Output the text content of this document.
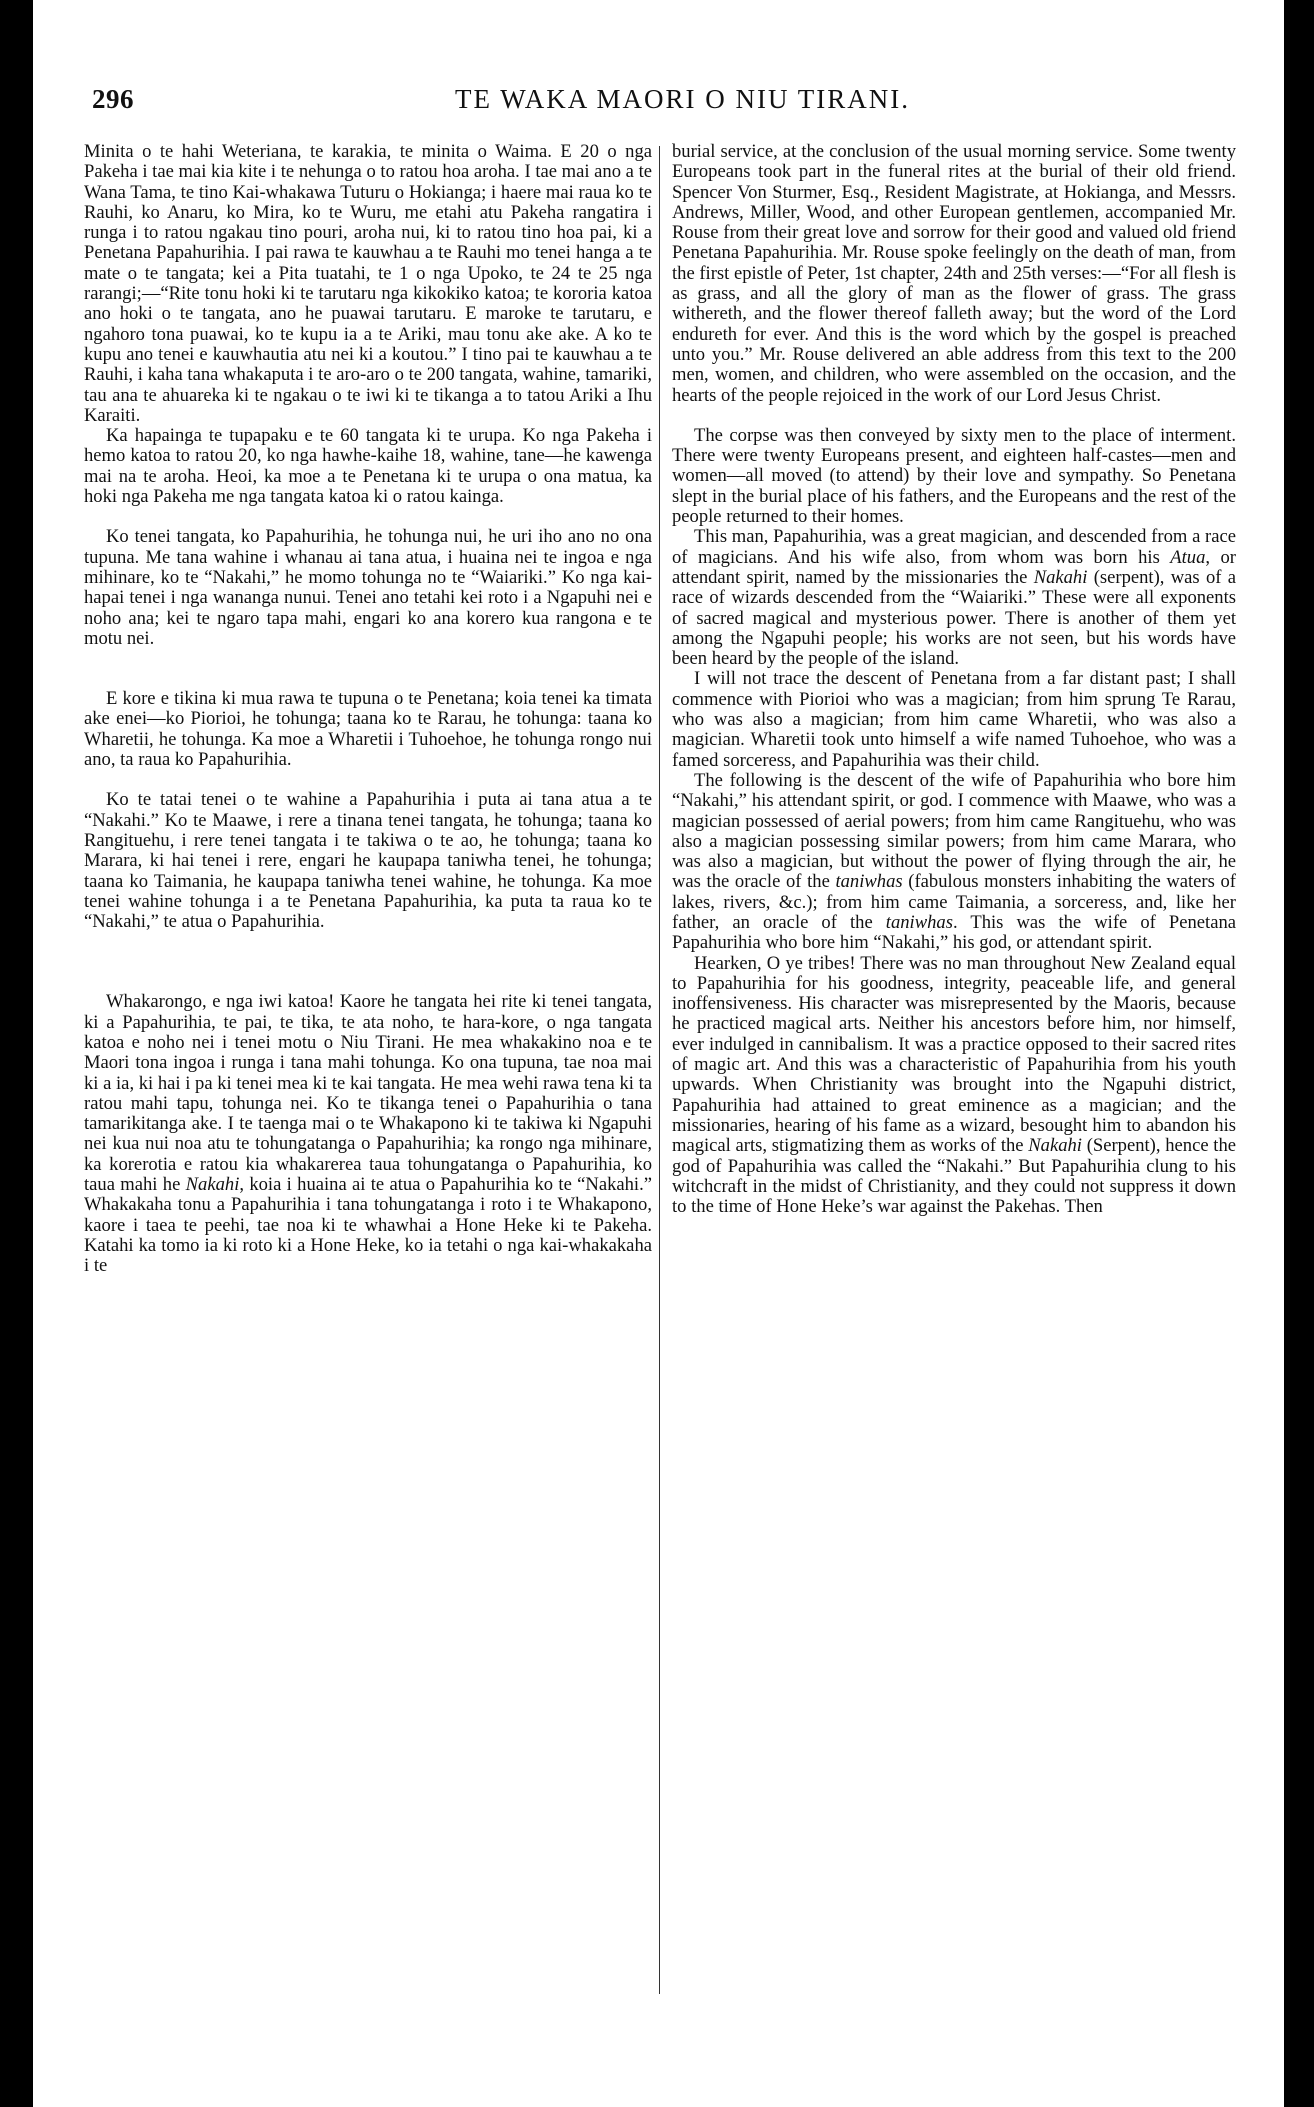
296	TE WAKA MAORI O NIU TIRANI.

Minita o te hahi Weteriana, te karakia, te minita o Waima. E 20 o nga Pakeha i tae mai kia kite i te nehunga o to ratou hoa aroha. I tae mai ano a te Wana Tama, te tino Kai-whakawa Tuturu o Hokianga; i haere mai raua ko te Rauhi, ko Anaru, ko Mira, ko te Wuru, me etahi atu Pakeha rangatira i runga i to ratou ngakau tino pouri, aroha nui, ki to ratou tino hoa pai, ki a Penetana Papahurihia. I pai rawa te kauwhau a te Rauhi mo tenei hanga a te mate o te tangata; kei a Pita tuatahi, te 1 o nga Upoko, te 24 te 25 nga rarangi;—“Rite tonu hoki ki te tarutaru nga kikokiko katoa; te kororia katoa ano hoki o te tangata, ano he puawai tarutaru. E maroke te tarutaru, e ngahoro tona puawai, ko te kupu ia a te Ariki, mau tonu ake ake. A ko te kupu ano tenei e kauwhautia atu nei ki a koutou.” I tino pai te kauwhau a te Rauhi, i kaha tana whakaputa i te aro-aro o te 200 tangata, wahine, tamariki, tau ana te ahuareka ki te ngakau o te iwi ki te tikanga a to tatou Ariki a Ihu Karaiti.

Ka hapainga te tupapaku e te 60 tangata ki te urupa. Ko nga Pakeha i hemo katoa to ratou 20, ko nga hawhe-kaihe 18, wahine, tane—he kawenga mai na te aroha. Heoi, ka moe a te Penetana ki te urupa o ona matua, ka hoki nga Pakeha me nga tangata katoa ki o ratou kainga.

Ko tenei tangata, ko Papahurihia, he tohunga nui, he uri iho ano no ona tupuna. Me tana wahine i whanau ai tana atua, i huaina nei te ingoa e nga mihinare, ko te “Nakahi,” he momo tohunga no te “Waiariki.” Ko nga kai-hapai tenei i nga wananga nunui. Tenei ano tetahi kei roto i a Ngapuhi nei e noho ana; kei te ngaro tapa mahi, engari ko ana korero kua rangona e te motu nei.

E kore e tikina ki mua rawa te tupuna o te Penetana; koia tenei ka timata ake enei—ko Piorioi, he tohunga; taana ko te Rarau, he tohunga: taana ko Wharetii, he tohunga. Ka moe a Wharetii i Tuhoehoe, he tohunga rongo nui ano, ta raua ko Papahurihia.

Ko te tatai tenei o te wahine a Papahurihia i puta ai tana atua a te “Nakahi.” Ko te Maawe, i rere a tinana tenei tangata, he tohunga; taana ko Rangituehu, i rere tenei tangata i te takiwa o te ao, he tohunga; taana ko Marara, ki hai tenei i rere, engari he kaupapa taniwha tenei, he tohunga; taana ko Taimania, he kaupapa taniwha tenei wahine, he tohunga. Ka moe tenei wahine tohunga i a te Penetana Papahurihia, ka puta ta raua ko te “Nakahi,” te atua o Papahurihia.

Whakarongo, e nga iwi katoa! Kaore he tangata hei rite ki tenei tangata, ki a Papahurihia, te pai, te tika, te ata noho, te hara-kore, o nga tangata katoa e noho nei i tenei motu o Niu Tirani. He mea whakakino noa e te Maori tona ingoa i runga i tana mahi tohunga. Ko ona tupuna, tae noa mai ki a ia, ki hai i pa ki tenei mea ki te kai tangata. He mea wehi rawa tena ki ta ratou mahi tapu, tohunga nei. Ko te tikanga tenei o Papahurihia o tana tamarikitanga ake. I te taenga mai o te Whakapono ki te takiwa ki Ngapuhi nei kua nui noa atu te tohungatanga o Papahurihia; ka rongo nga mihinare, ka korerotia e ratou kia whakarerea taua tohungatanga o Papahurihia, ko taua mahi he Nakahi, koia i huaina ai te atua o Papahurihia ko te “Nakahi.” Whakakaha tonu a Papahurihia i tana tohungatanga i roto i te Whakapono, kaore i taea te peehi, tae noa ki te whawhai a Hone Heke ki te Pakeha. Katahi ka tomo ia ki roto ki a Hone Heke, ko ia tetahi o nga kai-whakakaha i te

burial service, at the conclusion of the usual morning service. Some twenty Europeans took part in the funeral rites at the burial of their old friend. Spencer Von Sturmer, Esq., Resident Magistrate, at Hokianga, and Messrs. Andrews, Miller, Wood, and other European gentlemen, accompanied Mr. Rouse from their great love and sorrow for their good and valued old friend Penetana Papahurihia. Mr. Rouse spoke feelingly on the death of man, from the first epistle of Peter, 1st chapter, 24th and 25th verses:—“For all flesh is as grass, and all the glory of man as the flower of grass. The grass withereth, and the flower thereof falleth away; but the word of the Lord endureth for ever. And this is the word which by the gospel is preached unto you.” Mr. Rouse delivered an able address from this text to the 200 men, women, and children, who were assembled on the occasion, and the hearts of the people rejoiced in the work of our Lord Jesus Christ.

The corpse was then conveyed by sixty men to the place of interment. There were twenty Europeans present, and eighteen half-castes—men and women—all moved (to attend) by their love and sympathy. So Penetana slept in the burial place of his fathers, and the Europeans and the rest of the people returned to their homes.

This man, Papahurihia, was a great magician, and descended from a race of magicians. And his wife also, from whom was born his Atua, or attendant spirit, named by the missionaries the Nakahi (serpent), was of a race of wizards descended from the “Waiariki.” These were all exponents of sacred magical and mysterious power. There is another of them yet among the Ngapuhi people; his works are not seen, but his words have been heard by the people of the island.

I will not trace the descent of Penetana from a far distant past; I shall commence with Piorioi who was a magician; from him sprung Te Rarau, who was also a magician; from him came Wharetii, who was also a magician. Wharetii took unto himself a wife named Tuhoehoe, who was a famed sorceress, and Papahurihia was their child.

The following is the descent of the wife of Papahurihia who bore him “Nakahi,” his attendant spirit, or god. I commence with Maawe, who was a magician possessed of aerial powers; from him came Rangituehu, who was also a magician possessing similar powers; from him came Marara, who was also a magician, but without the power of flying through the air, he was the oracle of the taniwhas (fabulous monsters inhabiting the waters of lakes, rivers, &c.); from him came Taimania, a sorceress, and, like her father, an oracle of the taniwhas. This was the wife of Penetana Papahurihia who bore him “Nakahi,” his god, or attendant spirit.

Hearken, O ye tribes! There was no man throughout New Zealand equal to Papahurihia for his goodness, integrity, peaceable life, and general inoffensiveness. His character was misrepresented by the Maoris, because he practiced magical arts. Neither his ancestors before him, nor himself, ever indulged in cannibalism. It was a practice opposed to their sacred rites of magic art. And this was a characteristic of Papahurihia from his youth upwards. When Christianity was brought into the Ngapuhi district, Papahurihia had attained to great eminence as a magician; and the missionaries, hearing of his fame as a wizard, besought him to abandon his magical arts, stigmatizing them as works of the Nakahi (Serpent), hence the god of Papahurihia was called the “Nakahi.” But Papahurihia clung to his witchcraft in the midst of Christianity, and they could not suppress it down to the time of Hone Heke’s war against the Pakehas. Then
